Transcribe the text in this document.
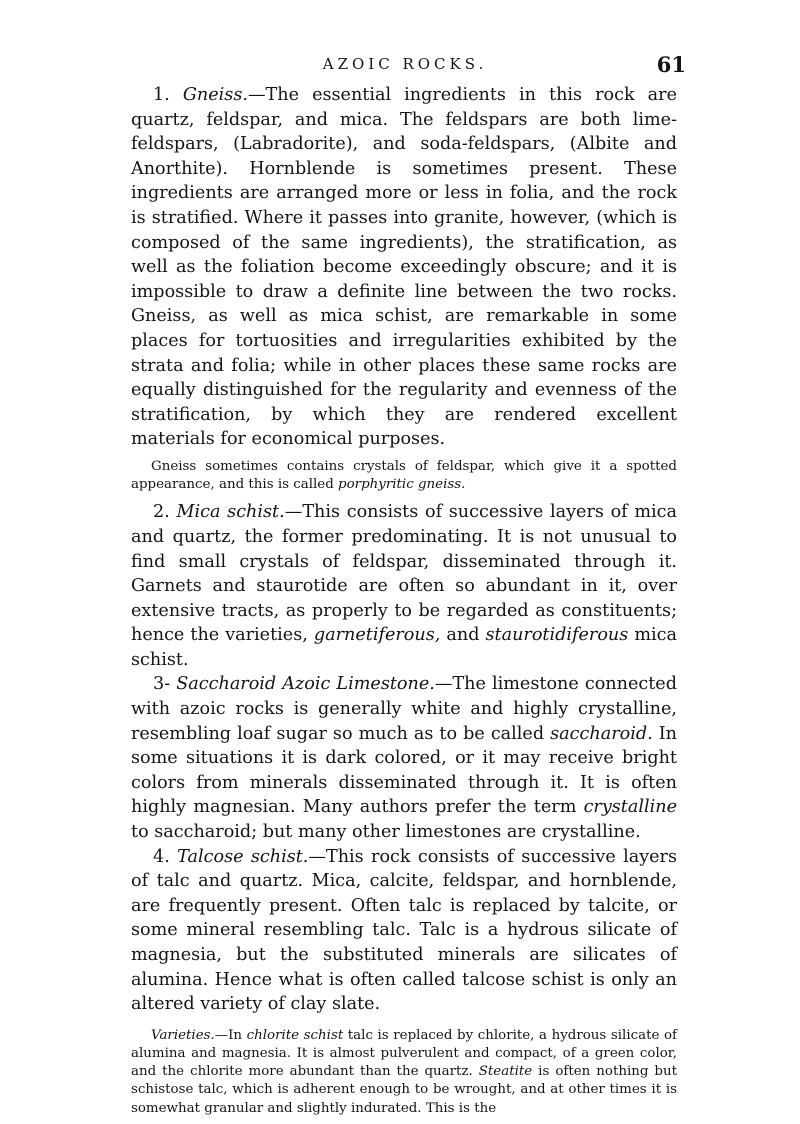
AZOIC ROCKS.	61

1. Gneiss.—The essential ingredients in this rock are quartz, feldspar, and mica. The feldspars are both lime-feldspars, (Labradorite), and soda-feldspars, (Albite and Anorthite). Hornblende is sometimes present. These ingredients are arranged more or less in folia, and the rock is stratified. Where it passes into granite, however, (which is composed of the same ingredients), the stratification, as well as the foliation become exceedingly obscure; and it is impossible to draw a definite line between the two rocks. Gneiss, as well as mica schist, are remarkable in some places for tortuosities and irregularities exhibited by the strata and folia; while in other places these same rocks are equally distinguished for the regularity and evenness of the stratification, by which they are rendered excellent materials for economical purposes.

Gneiss sometimes contains crystals of feldspar, which give it a spotted appearance, and this is called porphyritic gneiss.

2. Mica schist.—This consists of successive layers of mica and quartz, the former predominating. It is not unusual to find small crystals of feldspar, disseminated through it. Garnets and staurotide are often so abundant in it, over extensive tracts, as properly to be regarded as constituents; hence the varieties, garnetiferous, and staurotidiferous mica schist.

3- Saccharoid Azoic Limestone.—The limestone connected with azoic rocks is generally white and highly crystalline, resembling loaf sugar so much as to be called saccharoid. In some situations it is dark colored, or it may receive bright colors from minerals disseminated through it. It is often highly magnesian. Many authors prefer the term crystalline to saccharoid; but many other limestones are crystalline.

4. Talcose schist.—This rock consists of successive layers of talc and quartz. Mica, calcite, feldspar, and hornblende, are frequently present. Often talc is replaced by talcite, or some mineral resembling talc. Talc is a hydrous silicate of magnesia, but the substituted minerals are silicates of alumina. Hence what is often called talcose schist is only an altered variety of clay slate.

Varieties.—In chlorite schist talc is replaced by chlorite, a hydrous silicate of alumina and magnesia. It is almost pulverulent and compact, of a green color, and the chlorite more abundant than the quartz. Steatite is often nothing but schistose talc, which is adherent enough to be wrought, and at other times it is somewhat granular and slightly indurated. This is the
